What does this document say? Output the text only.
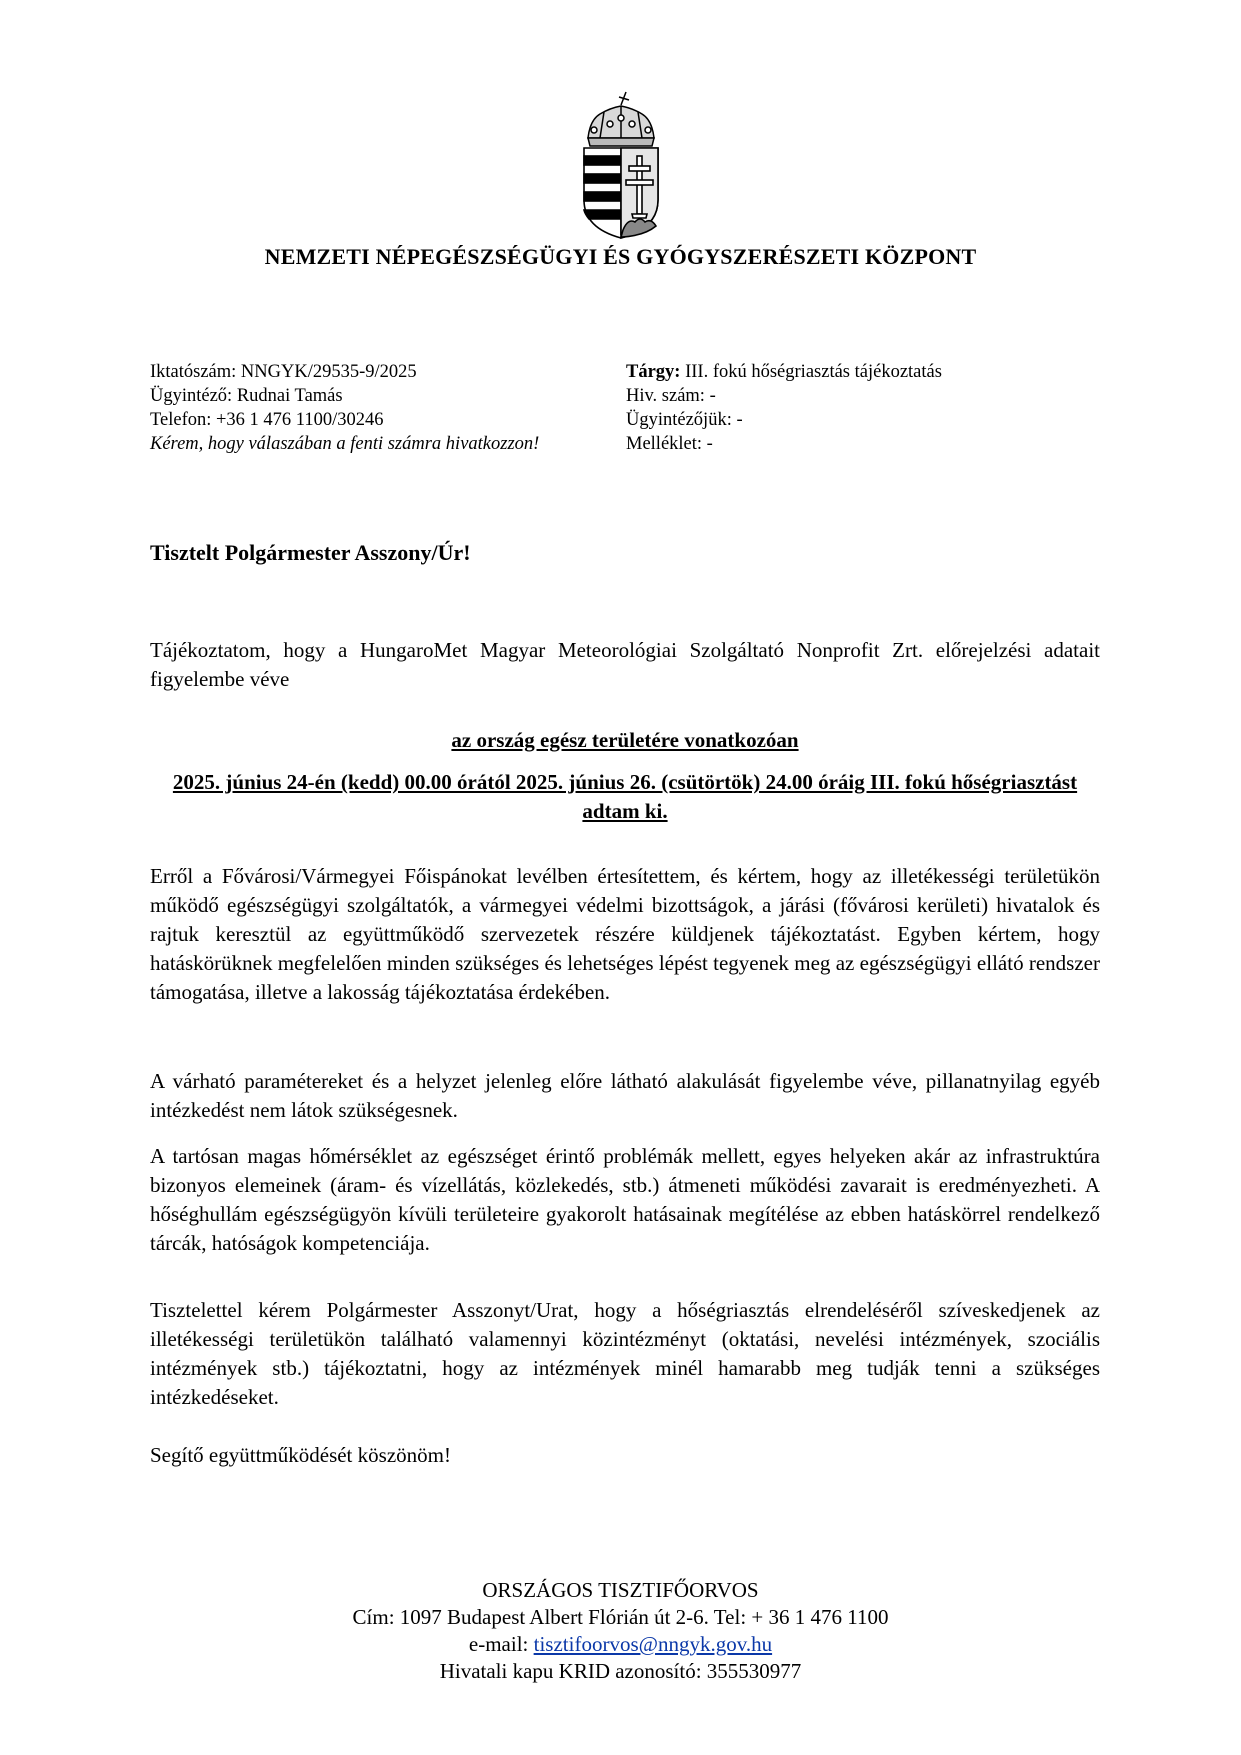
NEMZETI NÉPEGÉSZSÉGÜGYI ÉS GYÓGYSZERÉSZETI KÖZPONT
Iktatószám: NNGYK/29535-9/2025
Ügyintéző: Rudnai Tamás
Telefon: +36 1 476 1100/30246
Kérem, hogy válaszában a fenti számra hivatkozzon!
Tárgy: III. fokú hőségriasztás tájékoztatás
Hiv. szám: -
Ügyintézőjük: -
Melléklet: -
Tisztelt Polgármester Asszony/Úr!
Tájékoztatom, hogy a HungaroMet Magyar Meteorológiai Szolgáltató Nonprofit Zrt. előrejelzési adatait figyelembe véve
az ország egész területére vonatkozóan
2025. június 24-én (kedd) 00.00 órától 2025. június 26. (csütörtök) 24.00 óráig III. fokú hőségriasztást adtam ki.
Erről a Fővárosi/Vármegyei Főispánokat levélben értesítettem, és kértem, hogy az illetékességi területükön működő egészségügyi szolgáltatók, a vármegyei védelmi bizottságok, a járási (fővárosi kerületi) hivatalok és rajtuk keresztül az együttműködő szervezetek részére küldjenek tájékoztatást. Egyben kértem, hogy hatáskörüknek megfelelően minden szükséges és lehetséges lépést tegyenek meg az egészségügyi ellátó rendszer támogatása, illetve a lakosság tájékoztatása érdekében.
A várható paramétereket és a helyzet jelenleg előre látható alakulását figyelembe véve, pillanatnyilag egyéb intézkedést nem látok szükségesnek.
A tartósan magas hőmérséklet az egészséget érintő problémák mellett, egyes helyeken akár az infrastruktúra bizonyos elemeinek (áram- és vízellátás, közlekedés, stb.) átmeneti működési zavarait is eredményezheti. A hőséghullám egészségügyön kívüli területeire gyakorolt hatásainak megítélése az ebben hatáskörrel rendelkező tárcák, hatóságok kompetenciája.
Tisztelettel kérem Polgármester Asszonyt/Urat, hogy a hőségriasztás elrendeléséről szíveskedjenek az illetékességi területükön található valamennyi közintézményt (oktatási, nevelési intézmények, szociális intézmények stb.) tájékoztatni, hogy az intézmények minél hamarabb meg tudják tenni a szükséges intézkedéseket.
Segítő együttműködését köszönöm!
ORSZÁGOS TISZTIFŐORVOS
Cím: 1097 Budapest Albert Flórián út 2-6. Tel: + 36 1 476 1100
e-mail: tisztifoorvos@nngyk.gov.hu
Hivatali kapu KRID azonosító: 355530977
